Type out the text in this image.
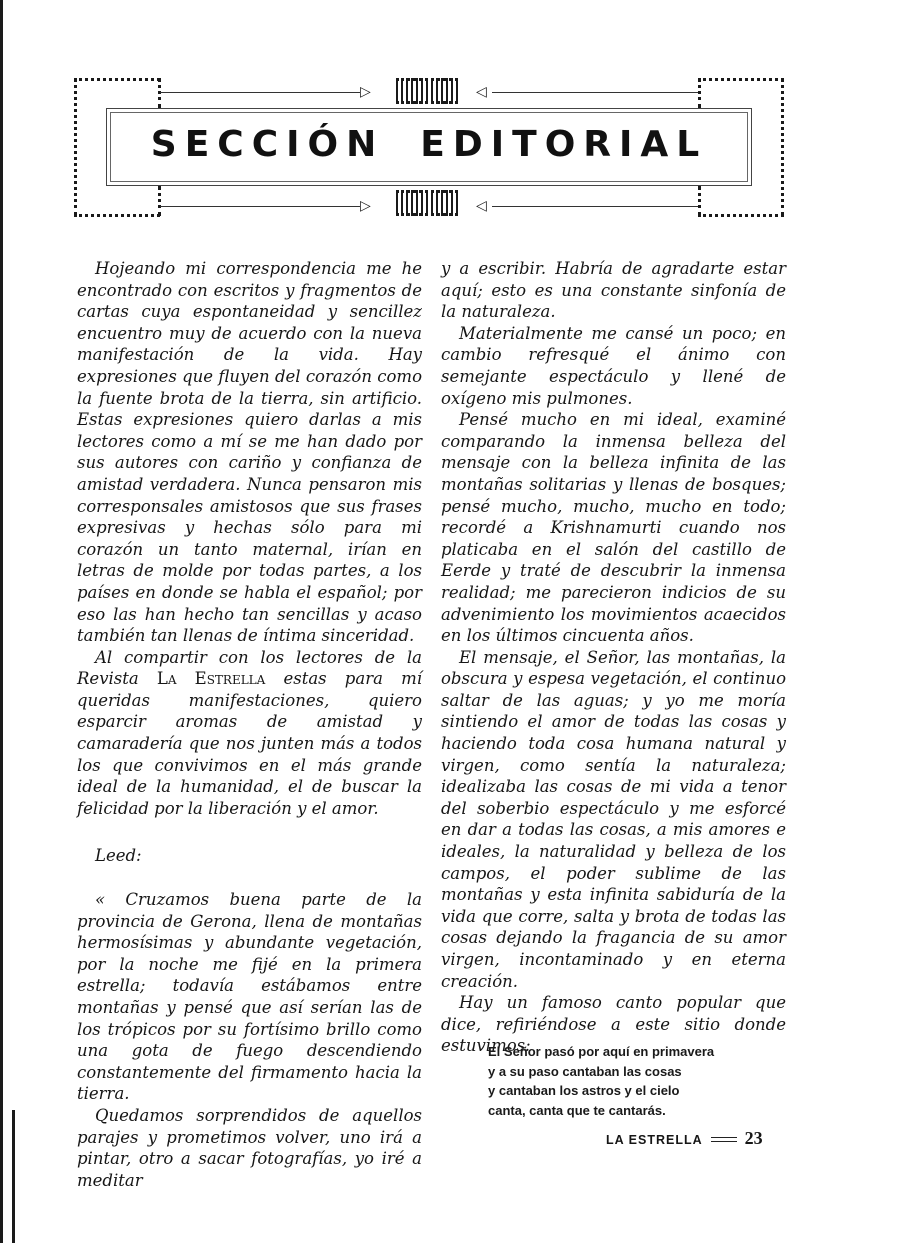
▷	◁
▷	◁
SECCIÓN EDITORIAL

Hojeando mi correspondencia me he encontrado con escritos y fragmentos de cartas cuya espontaneidad y sencillez encuentro muy de acuerdo con la nueva manifestación de la vida. Hay expresiones que fluyen del corazón como la fuente brota de la tierra, sin artificio. Estas expresiones quiero darlas a mis lectores como a mí se me han dado por sus autores con cariño y confianza de amistad verdadera. Nunca pensaron mis corresponsales amistosos que sus frases expresivas y hechas sólo para mi corazón un tanto maternal, irían en letras de molde por todas partes, a los países en donde se habla el español; por eso las han hecho tan sencillas y acaso también tan llenas de íntima sinceridad.

Al compartir con los lectores de la Revista La Estrella estas para mí queridas manifestaciones, quiero esparcir aromas de amistad y camaradería que nos junten más a todos los que convivimos en el más grande ideal de la humanidad, el de buscar la felicidad por la liberación y el amor.

Leed:

« Cruzamos buena parte de la provincia de Gerona, llena de montañas hermosísimas y abundante vegetación, por la noche me fijé en la primera estrella; todavía estábamos entre montañas y pensé que así serían las de los trópicos por su fortísimo brillo como una gota de fuego descendiendo constantemente del firmamento hacia la tierra.

Quedamos sorprendidos de aquellos parajes y prometimos volver, uno irá a pintar, otro a sacar fotografías, yo iré a meditar

y a escribir. Habría de agradarte estar aquí; esto es una constante sinfonía de la naturaleza.

Materialmente me cansé un poco; en cambio refresqué el ánimo con semejante espectáculo y llené de oxígeno mis pulmones.

Pensé mucho en mi ideal, examiné comparando la inmensa belleza del mensaje con la belleza infinita de las montañas solitarias y llenas de bosques; pensé mucho, mucho, mucho en todo; recordé a Krishnamurti cuando nos platicaba en el salón del castillo de Eerde y traté de descubrir la inmensa realidad; me parecieron indicios de su advenimiento los movimientos acaecidos en los últimos cincuenta años.

El mensaje, el Señor, las montañas, la obscura y espesa vegetación, el continuo saltar de las aguas; y yo me moría sintiendo el amor de todas las cosas y haciendo toda cosa humana natural y virgen, como sentía la naturaleza; idealizaba las cosas de mi vida a tenor del soberbio espectáculo y me esforcé en dar a todas las cosas, a mis amores e ideales, la naturalidad y belleza de los campos, el poder sublime de las montañas y esta infinita sabiduría de la vida que corre, salta y brota de todas las cosas dejando la fragancia de su amor virgen, incontaminado y en eterna creación.

Hay un famoso canto popular que dice, refiriéndose a este sitio donde estuvimos:

El Señor pasó por aquí en primavera
y a su paso cantaban las cosas
y cantaban los astros y el cielo
canta, canta que te cantarás.
LA ESTRELLA 23
